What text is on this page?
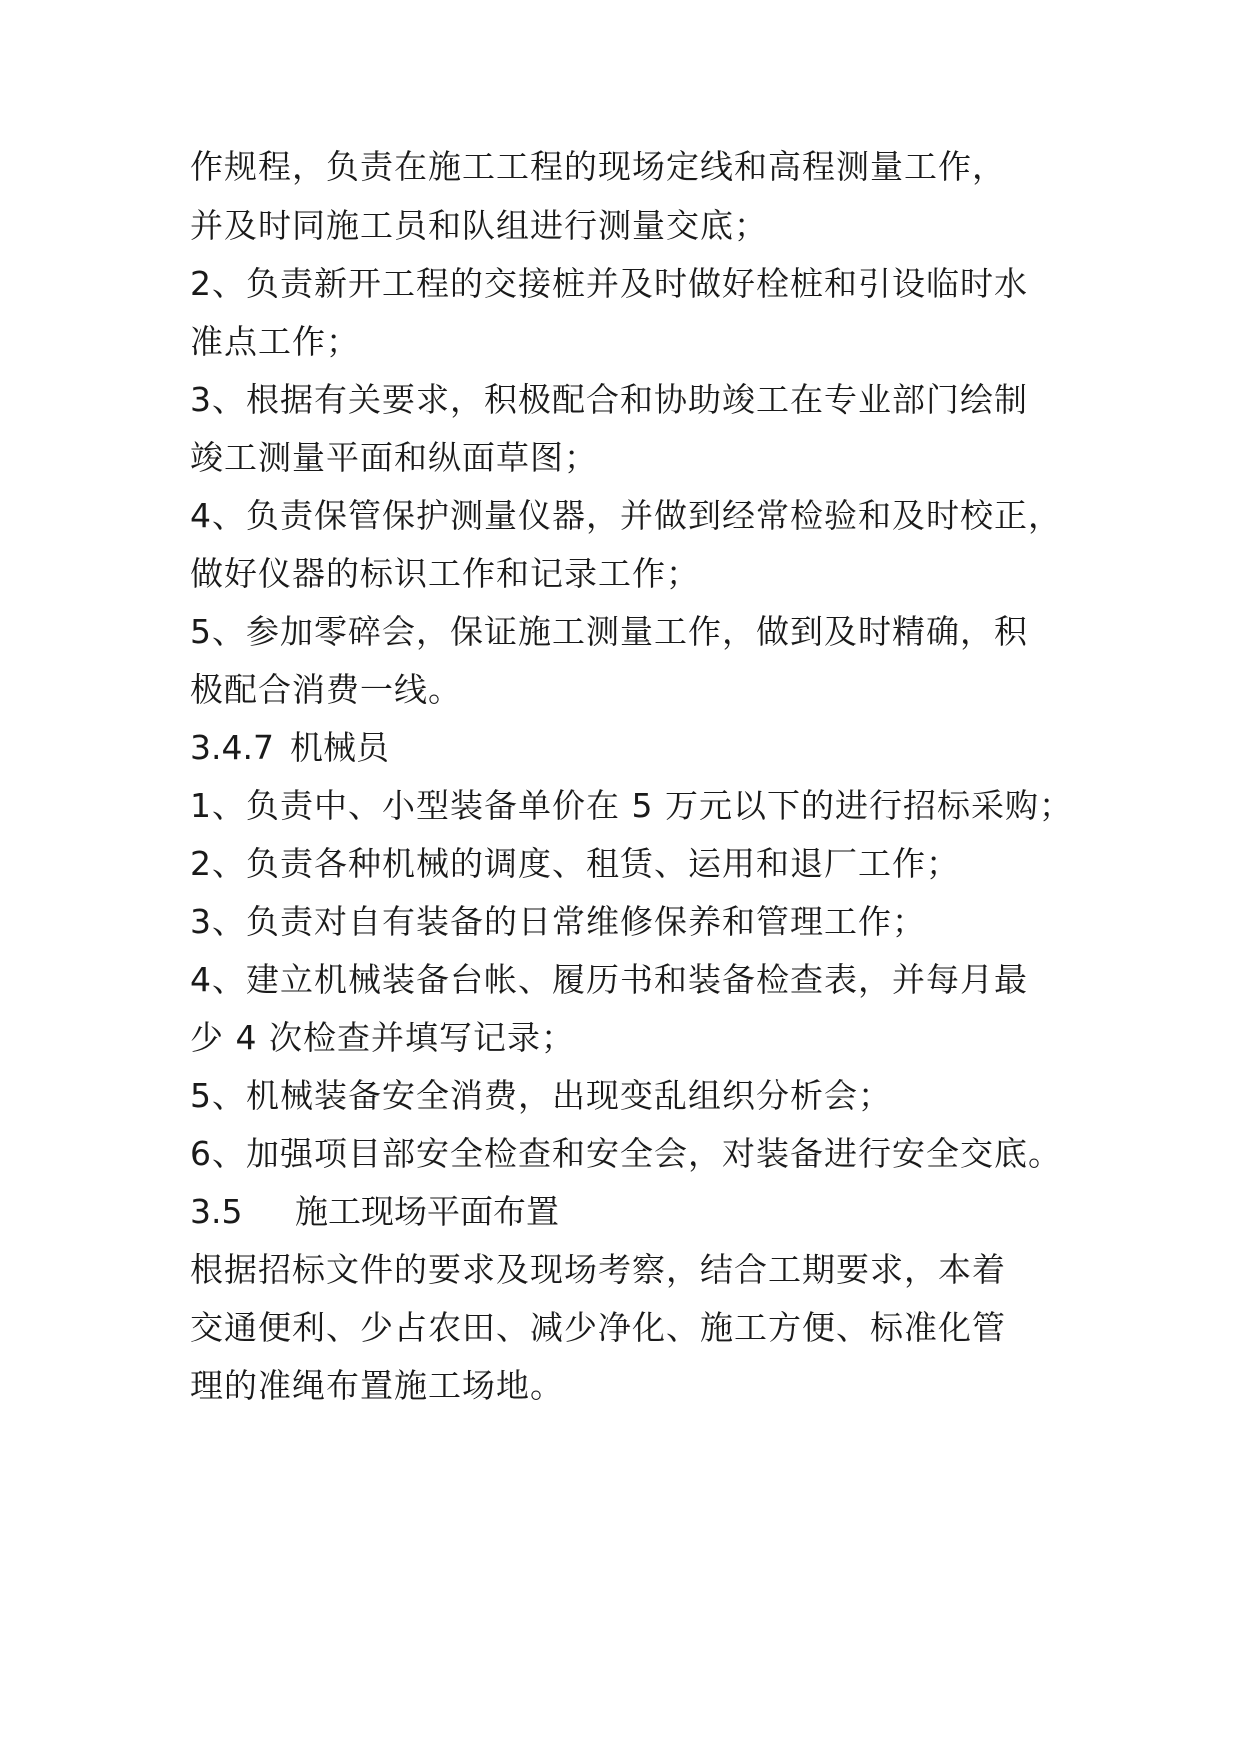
作规程，负责在施工工程的现场定线和高程测量工作，
并及时同施工员和队组进行测量交底；
2、负责新开工程的交接桩并及时做好栓桩和引设临时水
准点工作；
3、根据有关要求，积极配合和协助竣工在专业部门绘制
竣工测量平面和纵面草图；
4、负责保管保护测量仪器，并做到经常检验和及时校正，
做好仪器的标识工作和记录工作；
5、参加零碎会，保证施工测量工作，做到及时精确，积
极配合消费一线。
3.4.7 机械员
1、负责中、小型装备单价在 5 万元以下的进行招标采购；
2、负责各种机械的调度、租赁、运用和退厂工作；
3、负责对自有装备的日常维修保养和管理工作；
4、建立机械装备台帐、履历书和装备检查表，并每月最
少 4 次检查并填写记录；
5、机械装备安全消费，出现变乱组织分析会；
6、加强项目部安全检查和安全会，对装备进行安全交底。
3.5 施工现场平面布置
根据招标文件的要求及现场考察，结合工期要求，本着
交通便利、少占农田、减少净化、施工方便、标准化管
理的准绳布置施工场地。
